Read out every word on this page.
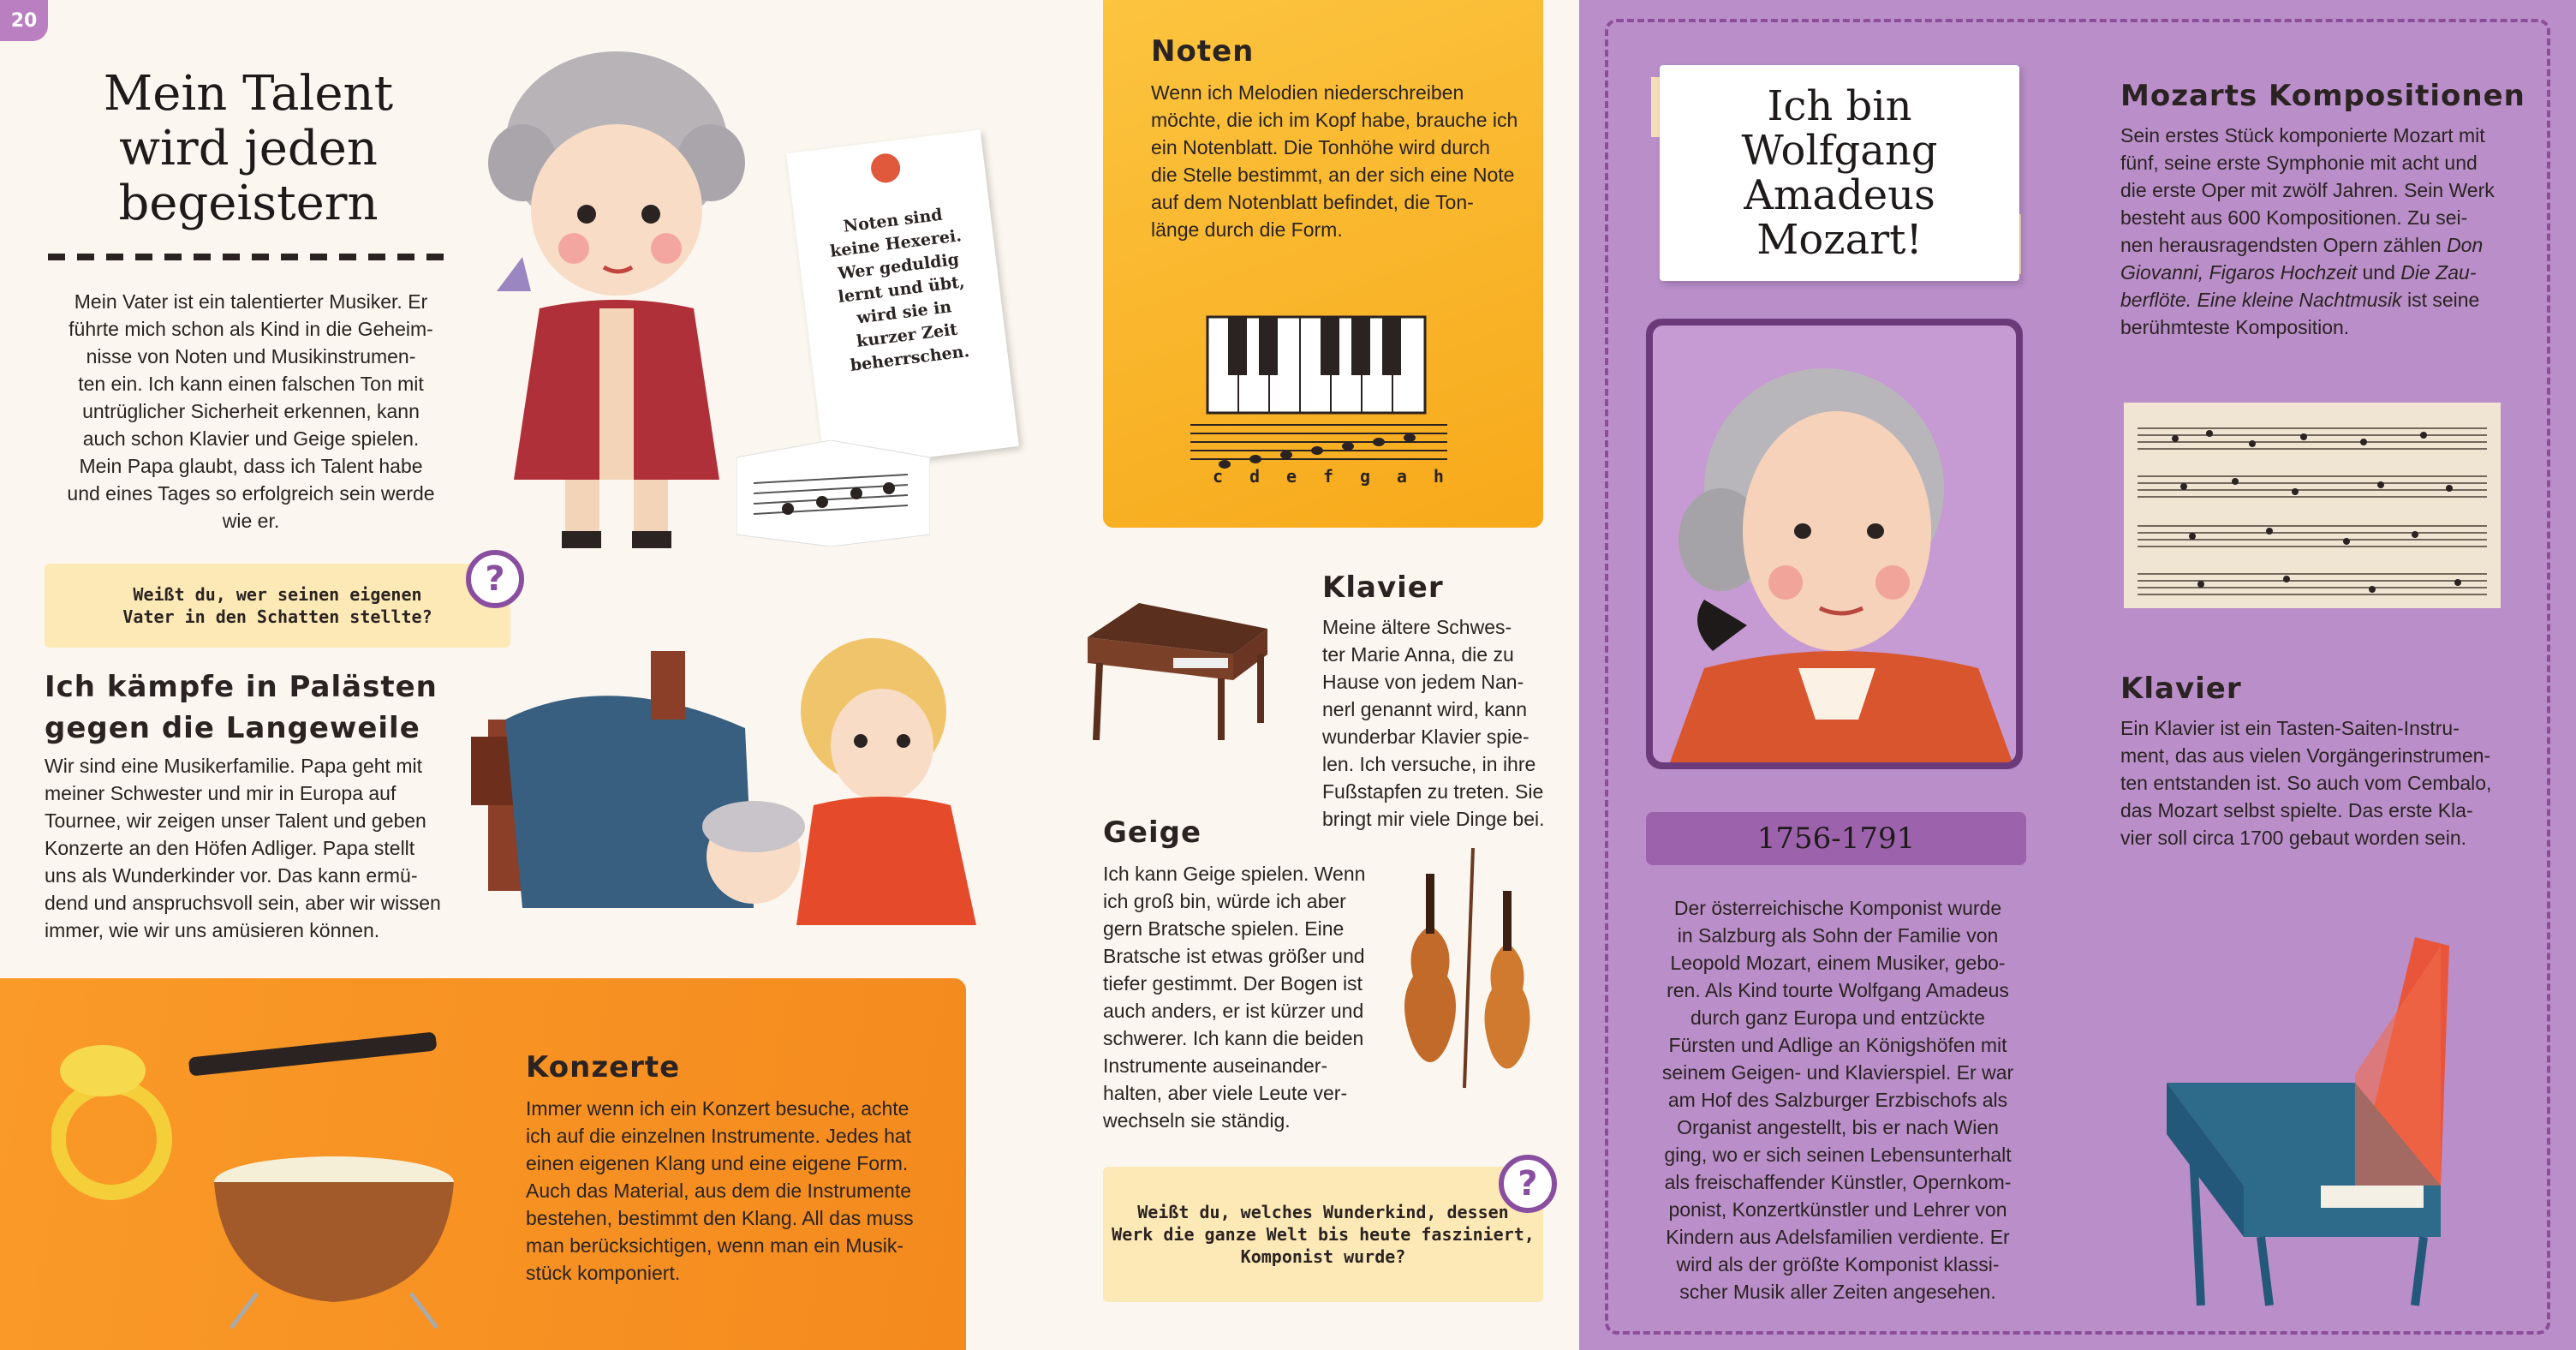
20
Mein Talent
wird jeden
begeistern
Mein Vater ist ein talentierter Musiker. Er
führte mich schon als Kind in die Geheim-
nisse von Noten und Musikinstrumen-
ten ein. Ich kann einen falschen Ton mit
untrüglicher Sicherheit erkennen, kann
auch schon Klavier und Geige spielen.
Mein Papa glaubt, dass ich Talent habe
und eines Tages so erfolgreich sein werde
wie er.
Noten sind
keine Hexerei.
Wer geduldig
lernt und übt,
wird sie in
kurzer Zeit
beherrschen.
Weißt du, wer seinen eigenen
Vater in den Schatten stellte?
?
Ich kämpfe in Palästen
gegen die Langeweile
Wir sind eine Musikerfamilie. Papa geht mit
meiner Schwester und mir in Europa auf
Tournee, wir zeigen unser Talent und geben
Konzerte an den Höfen Adliger. Papa stellt
uns als Wunderkinder vor. Das kann ermü-
dend und anspruchsvoll sein, aber wir wissen
immer, wie wir uns amüsieren können.
Konzerte
Immer wenn ich ein Konzert besuche, achte
ich auf die einzelnen Instrumente. Jedes hat
einen eigenen Klang und eine eigene Form.
Auch das Material, aus dem die Instrumente
bestehen, bestimmt den Klang. All das muss
man berücksichtigen, wenn man ein Musik-
stück komponiert.
Noten
Wenn ich Melodien niederschreiben
möchte, die ich im Kopf habe, brauche ich
ein Notenblatt. Die Tonhöhe wird durch
die Stelle bestimmt, an der sich eine Note
auf dem Notenblatt befindet, die Ton-
länge durch die Form.
c d e f g a h
Klavier
Meine ältere Schwes-
ter Marie Anna, die zu
Hause von jedem Nan-
nerl genannt wird, kann
wunderbar Klavier spie-
len. Ich versuche, in ihre
Fußstapfen zu treten. Sie
bringt mir viele Dinge bei.
Geige
Ich kann Geige spielen. Wenn
ich groß bin, würde ich aber
gern Bratsche spielen. Eine
Bratsche ist etwas größer und
tiefer gestimmt. Der Bogen ist
auch anders, er ist kürzer und
schwerer. Ich kann die beiden
Instrumente auseinander-
halten, aber viele Leute ver-
wechseln sie ständig.
Weißt du, welches Wunderkind, dessen
Werk die ganze Welt bis heute fasziniert,
Komponist wurde?
?
Ich bin
Wolfgang
Amadeus
Mozart!
1756-1791
Der österreichische Komponist wurde
in Salzburg als Sohn der Familie von
Leopold Mozart, einem Musiker, gebo-
ren. Als Kind tourte Wolfgang Amadeus
durch ganz Europa und entzückte
Fürsten und Adlige an Königshöfen mit
seinem Geigen- und Klavierspiel. Er war
am Hof des Salzburger Erzbischofs als
Organist angestellt, bis er nach Wien
ging, wo er sich seinen Lebensunterhalt
als freischaffender Künstler, Opernkom-
ponist, Konzertkünstler und Lehrer von
Kindern aus Adelsfamilien verdiente. Er
wird als der größte Komponist klassi-
scher Musik aller Zeiten angesehen.
Mozarts Kompositionen
Sein erstes Stück komponierte Mozart mit
fünf, seine erste Symphonie mit acht und
die erste Oper mit zwölf Jahren. Sein Werk
besteht aus 600 Kompositionen. Zu sei-
nen herausragendsten Opern zählen Don
Giovanni, Figaros Hochzeit und Die Zau-
berflöte. Eine kleine Nachtmusik ist seine
berühmteste Komposition.
Klavier
Ein Klavier ist ein Tasten-Saiten-Instru-
ment, das aus vielen Vorgängerinstrumen-
ten entstanden ist. So auch vom Cembalo,
das Mozart selbst spielte. Das erste Kla-
vier soll circa 1700 gebaut worden sein.
